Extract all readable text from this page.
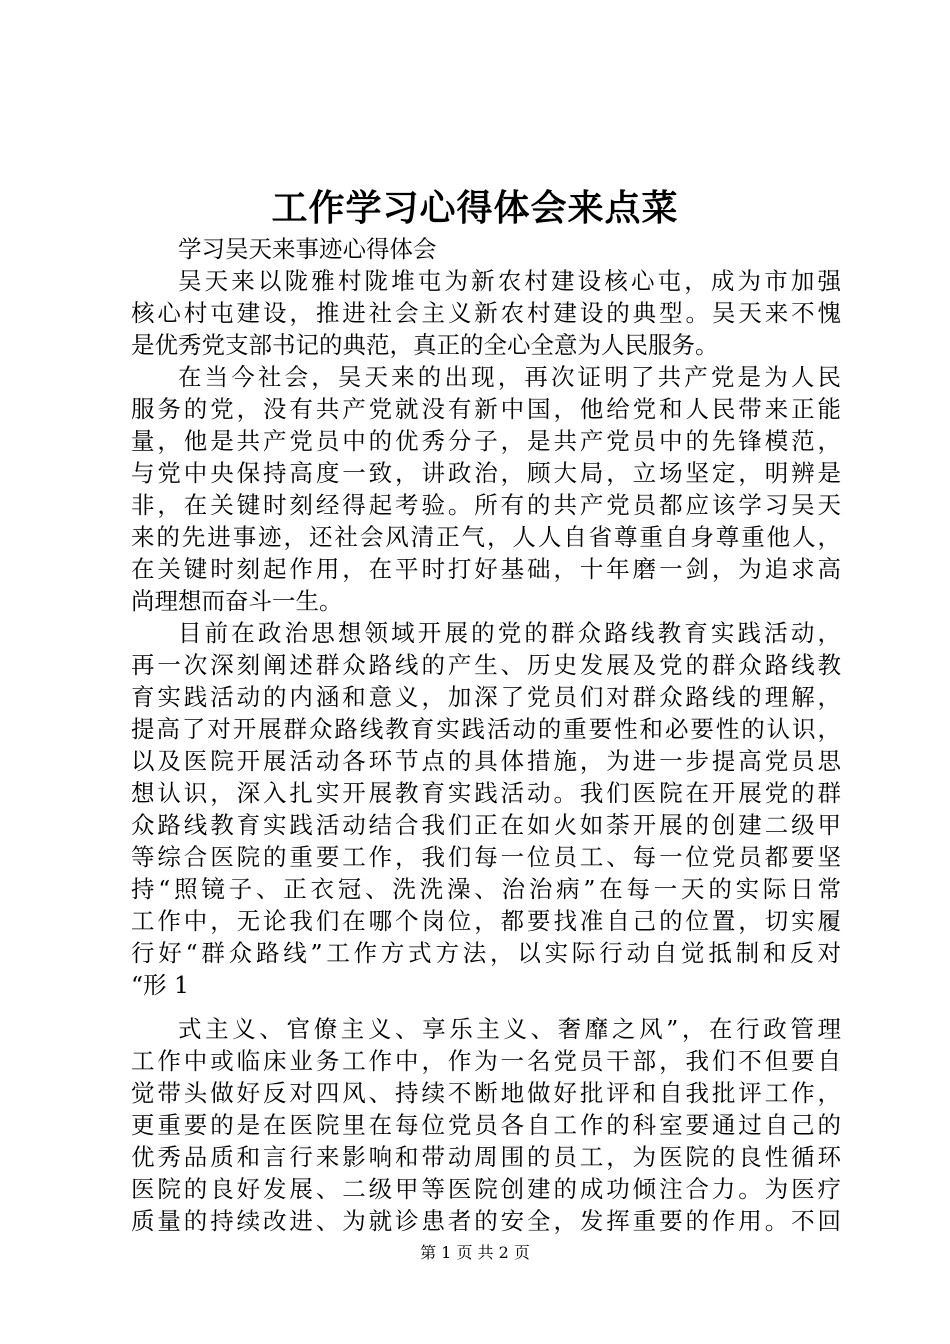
工作学习心得体会来点菜
学习吴天来事迹心得体会
吴天来以陇雅村陇堆屯为新农村建设核心屯，成为市加强
核心村屯建设，推进社会主义新农村建设的典型。吴天来不愧
是优秀党支部书记的典范，真正的全心全意为人民服务。
在当今社会，吴天来的出现，再次证明了共产党是为人民
服务的党，没有共产党就没有新中国，他给党和人民带来正能
量，他是共产党员中的优秀分子，是共产党员中的先锋模范，
与党中央保持高度一致，讲政治，顾大局，立场坚定，明辨是
非，在关键时刻经得起考验。所有的共产党员都应该学习吴天
来的先进事迹，还社会风清正气，人人自省尊重自身尊重他人，
在关键时刻起作用，在平时打好基础，十年磨一剑，为追求高
尚理想而奋斗一生。
目前在政治思想领域开展的党的群众路线教育实践活动，
再一次深刻阐述群众路线的产生、历史发展及党的群众路线教
育实践活动的内涵和意义，加深了党员们对群众路线的理解，
提高了对开展群众路线教育实践活动的重要性和必要性的认识，
以及医院开展活动各环节点的具体措施，为进一步提高党员思
想认识，深入扎实开展教育实践活动。我们医院在开展党的群
众路线教育实践活动结合我们正在如火如荼开展的创建二级甲
等综合医院的重要工作，我们每一位员工、每一位党员都要坚
持“照镜子、正衣冠、洗洗澡、治治病”在每一天的实际日常
工作中，无论我们在哪个岗位，都要找准自己的位置，切实履
行好“群众路线”工作方式方法，以实际行动自觉抵制和反对
“形 1
式主义、官僚主义、享乐主义、奢靡之风”，在行政管理
工作中或临床业务工作中，作为一名党员干部，我们不但要自
觉带头做好反对四风、持续不断地做好批评和自我批评工作，
更重要的是在医院里在每位党员各自工作的科室要通过自己的
优秀品质和言行来影响和带动周围的员工，为医院的良性循环
医院的良好发展、二级甲等医院创建的成功倾注合力。为医疗
质量的持续改进、为就诊患者的安全，发挥重要的作用。不回
第 1 页 共 2 页
